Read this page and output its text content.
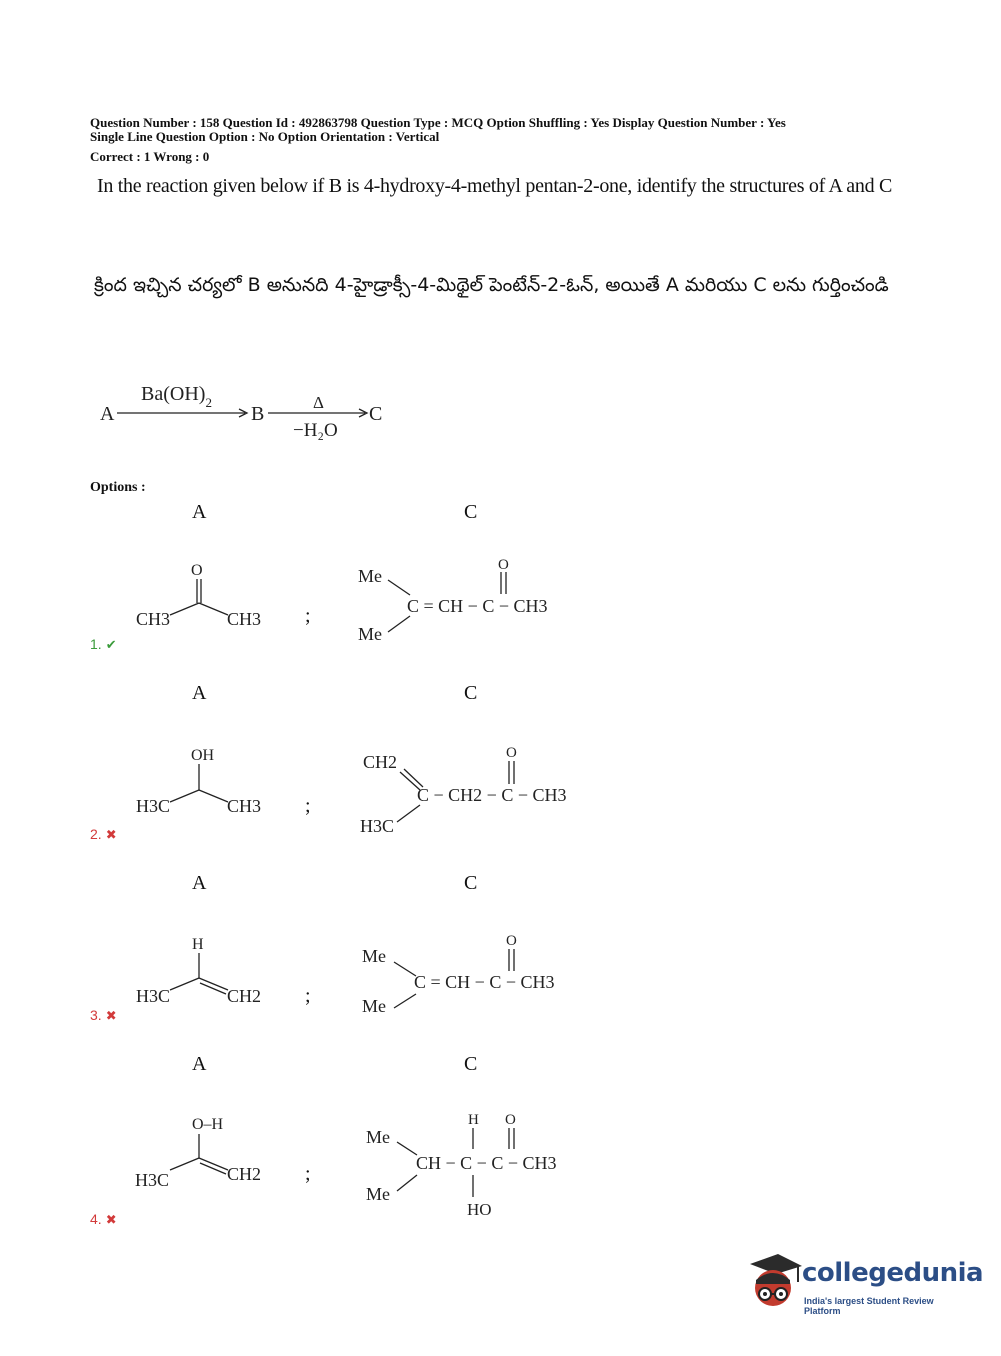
Question Number : 158 Question Id : 492863798 Question Type : MCQ Option Shuffling : Yes Display Question Number : Yes
Single Line Question Option : No Option Orientation : Vertical
Correct : 1 Wrong : 0
In the reaction given below if B is 4-hydroxy-4-methyl pentan-2-one, identify the structures of A and C
క్రింద ఇచ్చిన చర్యలో B అనునది 4-హైడ్రాక్సీ-4-మిథైల్ పెంటేన్-2-ఓన్, అయితే A మరియు C లను గుర్తించండి
A
$Ba(OH)_2$
B
Δ
−H₂O
C
Options :
A	C
O
CH3	CH3 ;
Me
C = CH − C − CH3
Me
O
1. ✔
A	C
OH
H3C	CH3 ;
CH2
C − CH2 − C − CH3
H3C
O
2. ✖
A	C
H
H3C	CH2 ;
Me
C = CH − C − CH3
Me
O
3. ✖
A	C
O–H
H3C	CH2 ;
H O
Me
CH − C − C − CH3
Me
HO
4. ✖
collegedunia
India's largest Student Review Platform
